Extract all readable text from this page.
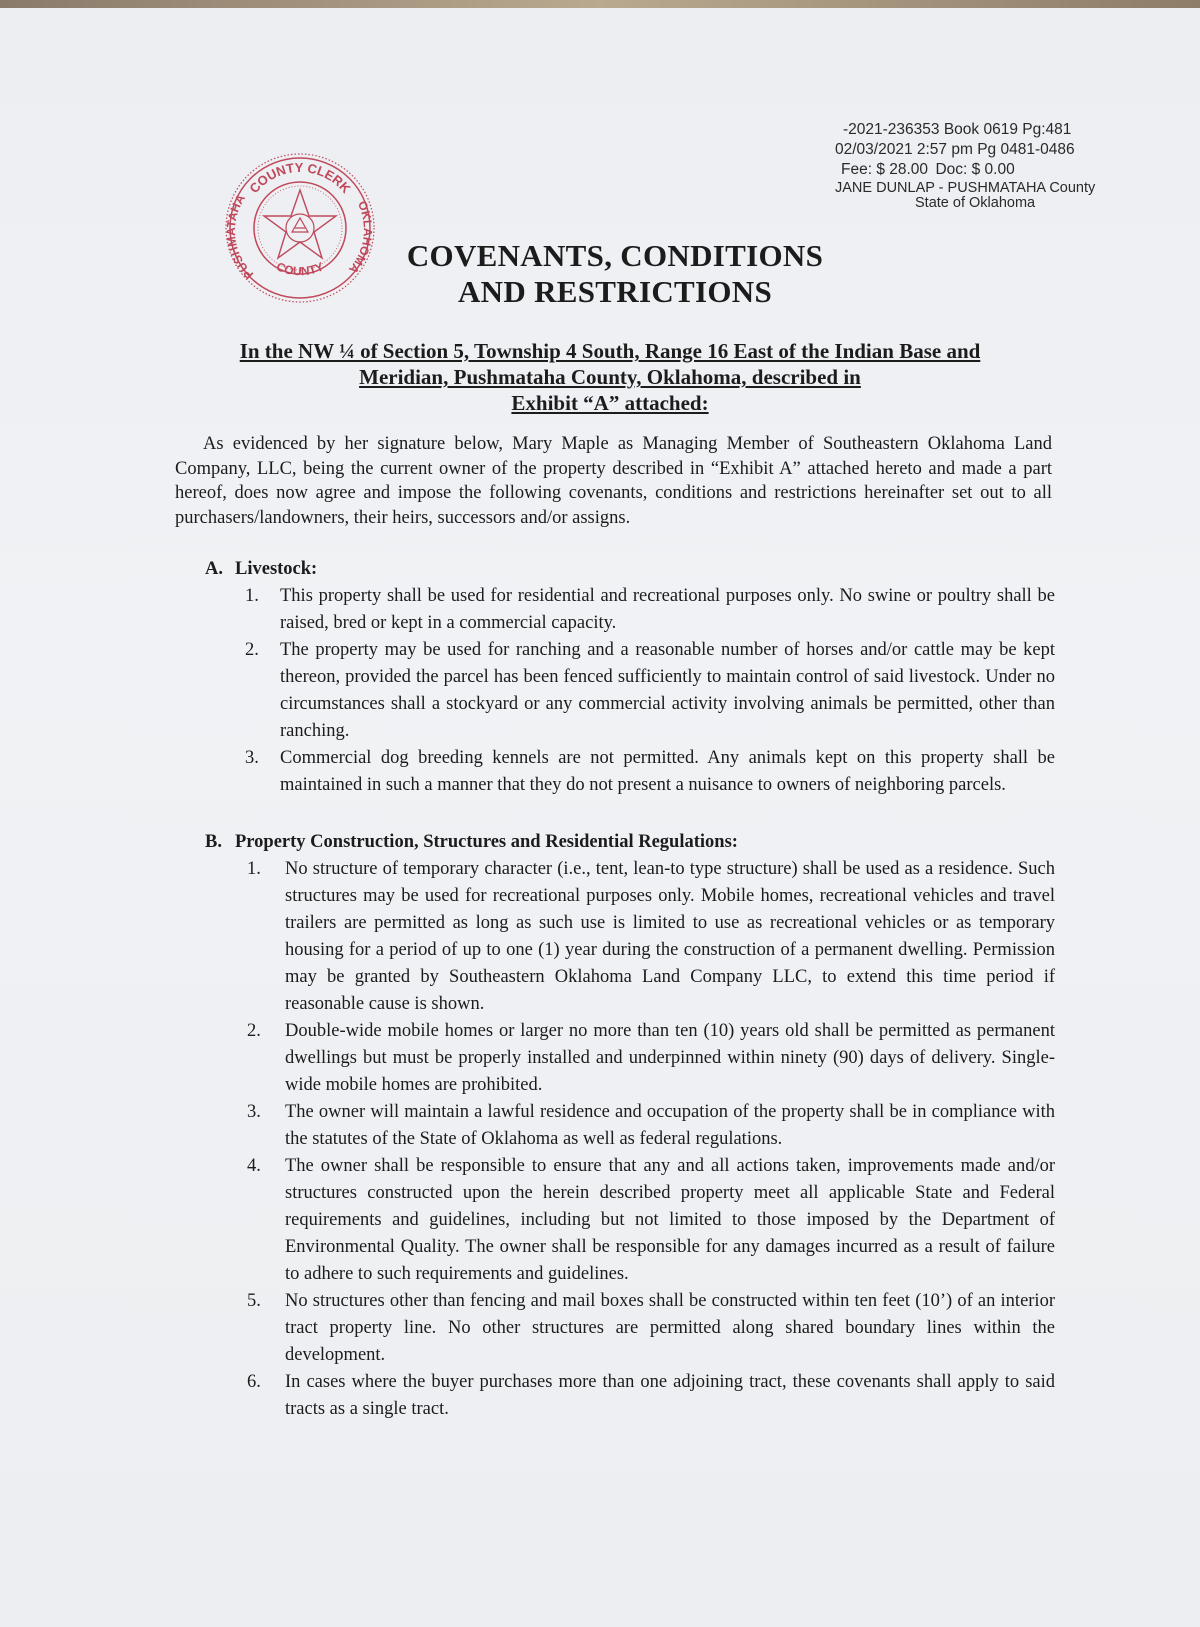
-2021-236353 Book 0619 Pg:481
02/03/2021 2:57 pm Pg 0481-0486
Fee: $ 28.00  Doc: $ 0.00
JANE DUNLAP - PUSHMATAHA County
State of Oklahoma
COUNTY CLERK
PUSHMATAHA	OKLAHOMA
COUNTY	COVENANTS, CONDITIONS
AND RESTRICTIONS
In the NW ¼ of Section 5, Township 4 South, Range 16 East of the Indian Base and
Meridian, Pushmataha County, Oklahoma, described in
Exhibit “A” attached:

As evidenced by her signature below, Mary Maple as Managing Member of Southeastern Oklahoma Land Company, LLC, being the current owner of the property described in “Exhibit A” attached hereto and made a part hereof, does now agree and impose the following covenants, conditions and restrictions hereinafter set out to all purchasers/landowners, their heirs, successors and/or assigns.

A. Livestock:
1. This property shall be used for residential and recreational purposes only. No swine or poultry shall be raised, bred or kept in a commercial capacity.
2. The property may be used for ranching and a reasonable number of horses and/or cattle may be kept thereon, provided the parcel has been fenced sufficiently to maintain control of said livestock. Under no circumstances shall a stockyard or any commercial activity involving animals be permitted, other than ranching.
3. Commercial dog breeding kennels are not permitted. Any animals kept on this property shall be maintained in such a manner that they do not present a nuisance to owners of neighboring parcels.
B. Property Construction, Structures and Residential Regulations:
1. No structure of temporary character (i.e., tent, lean-to type structure) shall be used as a residence. Such structures may be used for recreational purposes only. Mobile homes, recreational vehicles and travel trailers are permitted as long as such use is limited to use as recreational vehicles or as temporary housing for a period of up to one (1) year during the construction of a permanent dwelling. Permission may be granted by Southeastern Oklahoma Land Company LLC, to extend this time period if reasonable cause is shown.
2. Double-wide mobile homes or larger no more than ten (10) years old shall be permitted as permanent dwellings but must be properly installed and underpinned within ninety (90) days of delivery. Single-wide mobile homes are prohibited.
3. The owner will maintain a lawful residence and occupation of the property shall be in compliance with the statutes of the State of Oklahoma as well as federal regulations.
4. The owner shall be responsible to ensure that any and all actions taken, improvements made and/or structures constructed upon the herein described property meet all applicable State and Federal requirements and guidelines, including but not limited to those imposed by the Department of Environmental Quality. The owner shall be responsible for any damages incurred as a result of failure to adhere to such requirements and guidelines.
5. No structures other than fencing and mail boxes shall be constructed within ten feet (10’) of an interior tract property line. No other structures are permitted along shared boundary lines within the development.
6. In cases where the buyer purchases more than one adjoining tract, these covenants shall apply to said tracts as a single tract.
